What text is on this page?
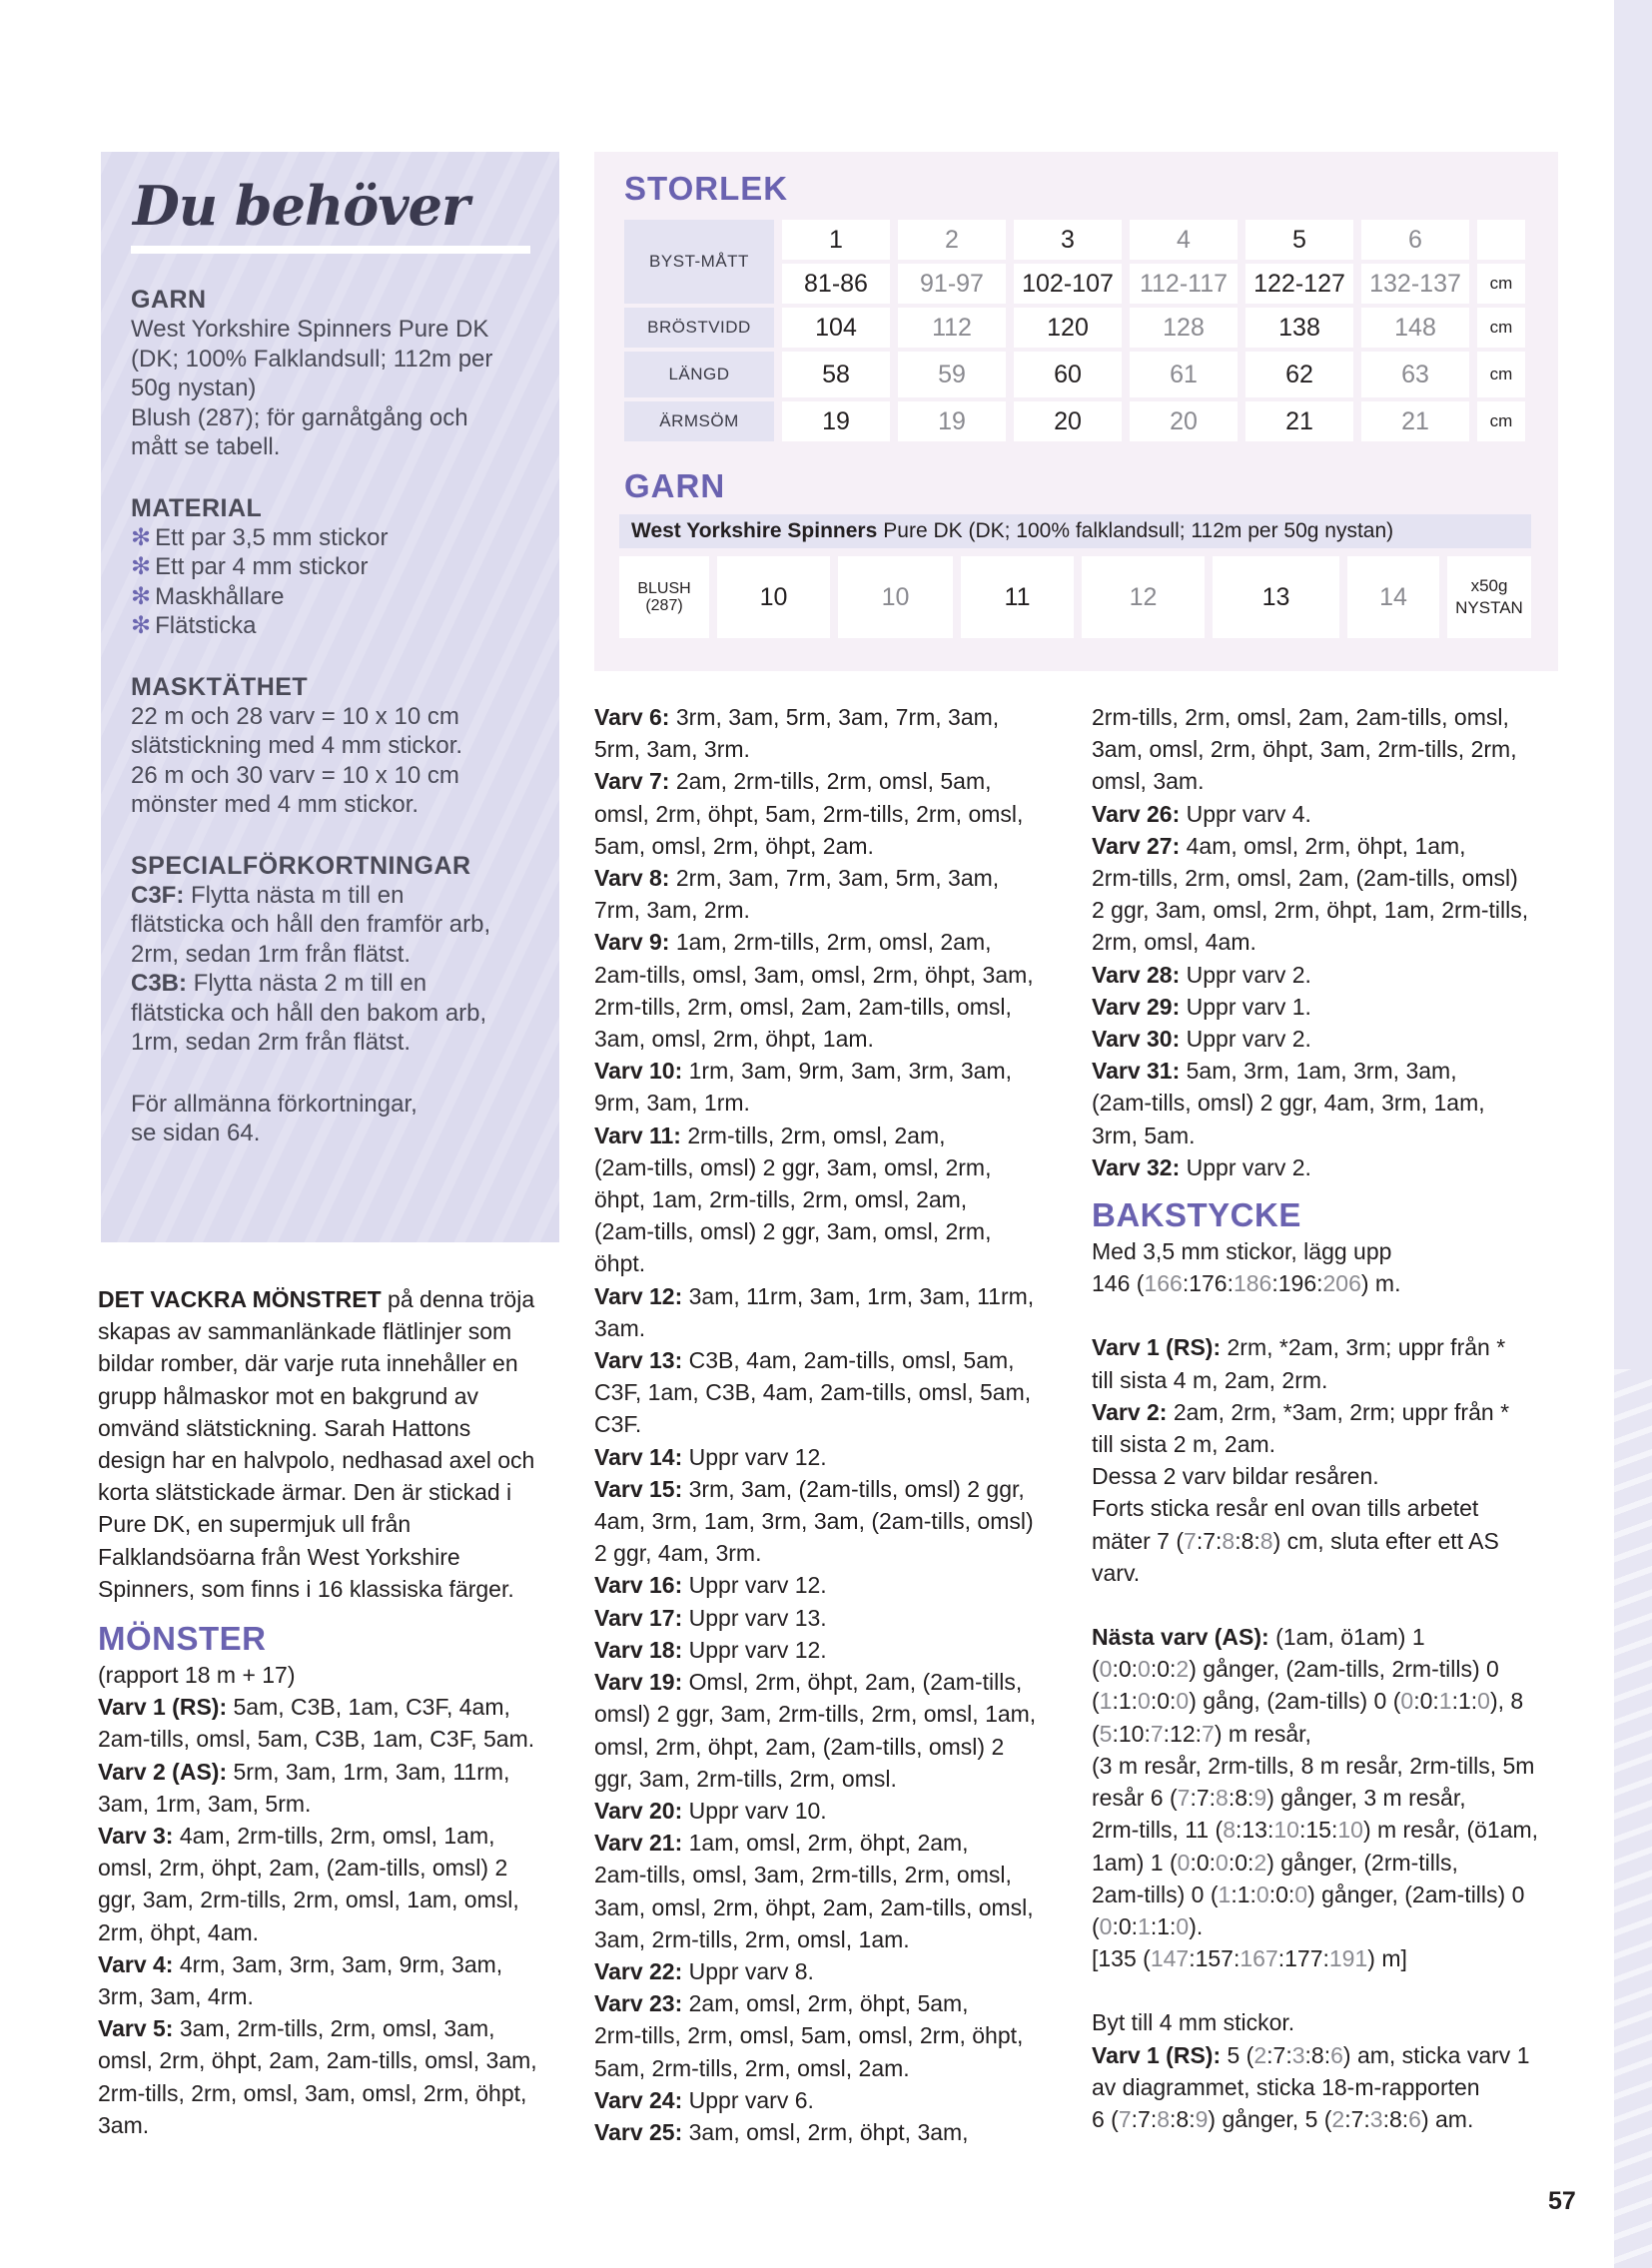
Du behöver

GARN

West Yorkshire Spinners Pure DK

(DK; 100% Falklandsull; 112m per

50g nystan)

Blush (287); för garnåtgång och

mått se tabell.

MATERIAL

✻ Ett par 3,5 mm stickor

✻ Ett par 4 mm stickor

✻ Maskhållare

✻ Flätsticka

MASKTÄTHET

22 m och 28 varv = 10 x 10 cm

slätstickning med 4 mm stickor.

26 m och 30 varv = 10 x 10 cm

mönster med 4 mm stickor.

SPECIALFÖRKORTNINGAR

C3F: Flytta nästa m till en

flätsticka och håll den framför arb,

2rm, sedan 1rm från flätst.

C3B: Flytta nästa 2 m till en

flätsticka och håll den bakom arb,

1rm, sedan 2rm från flätst.

För allmänna förkortningar,

se sidan 64.

STORLEK
BYST-MÅTT
1	2	3	4	5	6
81-86	91-97	102-107	112-117	122-127 132-137	cm
BRÖSTVIDD	104	112	120	128	138	148	cm
LÄNGD	58	59	60	61	62	63	cm
ÄRMSÖM	19	19	20	20	21	21	cm
GARN
West Yorkshire Spinners Pure DK (DK; 100% falklandsull; 112m per 50g nystan)
BLUSH
(287)	10	10	11	12	13	14	x50g
NYSTAN

DET VACKRA MÖNSTRET på denna tröja

skapas av sammanlänkade flätlinjer som

bildar romber, där varje ruta innehåller en

grupp hålmaskor mot en bakgrund av

omvänd slätstickning. Sarah Hattons

design har en halvpolo, nedhasad axel och

korta slätstickade ärmar. Den är stickad i

Pure DK, en supermjuk ull från

Falklandsöarna från West Yorkshire

Spinners, som finns i 16 klassiska färger.

MÖNSTER

(rapport 18 m + 17)

Varv 1 (RS): 5am, C3B, 1am, C3F, 4am,

2am-tills, omsl, 5am, C3B, 1am, C3F, 5am.

Varv 2 (AS): 5rm, 3am, 1rm, 3am, 11rm,

3am, 1rm, 3am, 5rm.

Varv 3: 4am, 2rm-tills, 2rm, omsl, 1am,

omsl, 2rm, öhpt, 2am, (2am-tills, omsl) 2

ggr, 3am, 2rm-tills, 2rm, omsl, 1am, omsl,

2rm, öhpt, 4am.

Varv 4: 4rm, 3am, 3rm, 3am, 9rm, 3am,

3rm, 3am, 4rm.

Varv 5: 3am, 2rm-tills, 2rm, omsl, 3am,

omsl, 2rm, öhpt, 2am, 2am-tills, omsl, 3am,

2rm-tills, 2rm, omsl, 3am, omsl, 2rm, öhpt,

3am.

Varv 6: 3rm, 3am, 5rm, 3am, 7rm, 3am,

5rm, 3am, 3rm.

Varv 7: 2am, 2rm-tills, 2rm, omsl, 5am,

omsl, 2rm, öhpt, 5am, 2rm-tills, 2rm, omsl,

5am, omsl, 2rm, öhpt, 2am.

Varv 8: 2rm, 3am, 7rm, 3am, 5rm, 3am,

7rm, 3am, 2rm.

Varv 9: 1am, 2rm-tills, 2rm, omsl, 2am,

2am-tills, omsl, 3am, omsl, 2rm, öhpt, 3am,

2rm-tills, 2rm, omsl, 2am, 2am-tills, omsl,

3am, omsl, 2rm, öhpt, 1am.

Varv 10: 1rm, 3am, 9rm, 3am, 3rm, 3am,

9rm, 3am, 1rm.

Varv 11: 2rm-tills, 2rm, omsl, 2am,

(2am-tills, omsl) 2 ggr, 3am, omsl, 2rm,

öhpt, 1am, 2rm-tills, 2rm, omsl, 2am,

(2am-tills, omsl) 2 ggr, 3am, omsl, 2rm,

öhpt.

Varv 12: 3am, 11rm, 3am, 1rm, 3am, 11rm,

3am.

Varv 13: C3B, 4am, 2am-tills, omsl, 5am,

C3F, 1am, C3B, 4am, 2am-tills, omsl, 5am,

C3F.

Varv 14: Uppr varv 12.

Varv 15: 3rm, 3am, (2am-tills, omsl) 2 ggr,

4am, 3rm, 1am, 3rm, 3am, (2am-tills, omsl)

2 ggr, 4am, 3rm.

Varv 16: Uppr varv 12.

Varv 17: Uppr varv 13.

Varv 18: Uppr varv 12.

Varv 19: Omsl, 2rm, öhpt, 2am, (2am-tills,

omsl) 2 ggr, 3am, 2rm-tills, 2rm, omsl, 1am,

omsl, 2rm, öhpt, 2am, (2am-tills, omsl) 2

ggr, 3am, 2rm-tills, 2rm, omsl.

Varv 20: Uppr varv 10.

Varv 21: 1am, omsl, 2rm, öhpt, 2am,

2am-tills, omsl, 3am, 2rm-tills, 2rm, omsl,

3am, omsl, 2rm, öhpt, 2am, 2am-tills, omsl,

3am, 2rm-tills, 2rm, omsl, 1am.

Varv 22: Uppr varv 8.

Varv 23: 2am, omsl, 2rm, öhpt, 5am,

2rm-tills, 2rm, omsl, 5am, omsl, 2rm, öhpt,

5am, 2rm-tills, 2rm, omsl, 2am.

Varv 24: Uppr varv 6.

Varv 25: 3am, omsl, 2rm, öhpt, 3am,

2rm-tills, 2rm, omsl, 2am, 2am-tills, omsl,

3am, omsl, 2rm, öhpt, 3am, 2rm-tills, 2rm,

omsl, 3am.

Varv 26: Uppr varv 4.

Varv 27: 4am, omsl, 2rm, öhpt, 1am,

2rm-tills, 2rm, omsl, 2am, (2am-tills, omsl)

2 ggr, 3am, omsl, 2rm, öhpt, 1am, 2rm-tills,

2rm, omsl, 4am.

Varv 28: Uppr varv 2.

Varv 29: Uppr varv 1.

Varv 30: Uppr varv 2.

Varv 31: 5am, 3rm, 1am, 3rm, 3am,

(2am-tills, omsl) 2 ggr, 4am, 3rm, 1am,

3rm, 5am.

Varv 32: Uppr varv 2.

BAKSTYCKE

Med 3,5 mm stickor, lägg upp

146 (166:176:186:196:206) m.

Varv 1 (RS): 2rm, *2am, 3rm; uppr från *

till sista 4 m, 2am, 2rm.

Varv 2: 2am, 2rm, *3am, 2rm; uppr från *

till sista 2 m, 2am.

Dessa 2 varv bildar resåren.

Forts sticka resår enl ovan tills arbetet

mäter 7 (7:7:8:8:8) cm, sluta efter ett AS

varv.

Nästa varv (AS): (1am, ö1am) 1

(0:0:0:0:2) gånger, (2am-tills, 2rm-tills) 0

(1:1:0:0:0) gång, (2am-tills) 0 (0:0:1:1:0), 8

(5:10:7:12:7) m resår,

(3 m resår, 2rm-tills, 8 m resår, 2rm-tills, 5m

resår 6 (7:7:8:8:9) gånger, 3 m resår,

2rm-tills, 11 (8:13:10:15:10) m resår, (ö1am,

1am) 1 (0:0:0:0:2) gånger, (2rm-tills,

2am-tills) 0 (1:1:0:0:0) gånger, (2am-tills) 0

(0:0:1:1:0).

[135 (147:157:167:177:191) m]

Byt till 4 mm stickor.

Varv 1 (RS): 5 (2:7:3:8:6) am, sticka varv 1

av diagrammet, sticka 18-m-rapporten

6 (7:7:8:8:9) gånger, 5 (2:7:3:8:6) am.

57
